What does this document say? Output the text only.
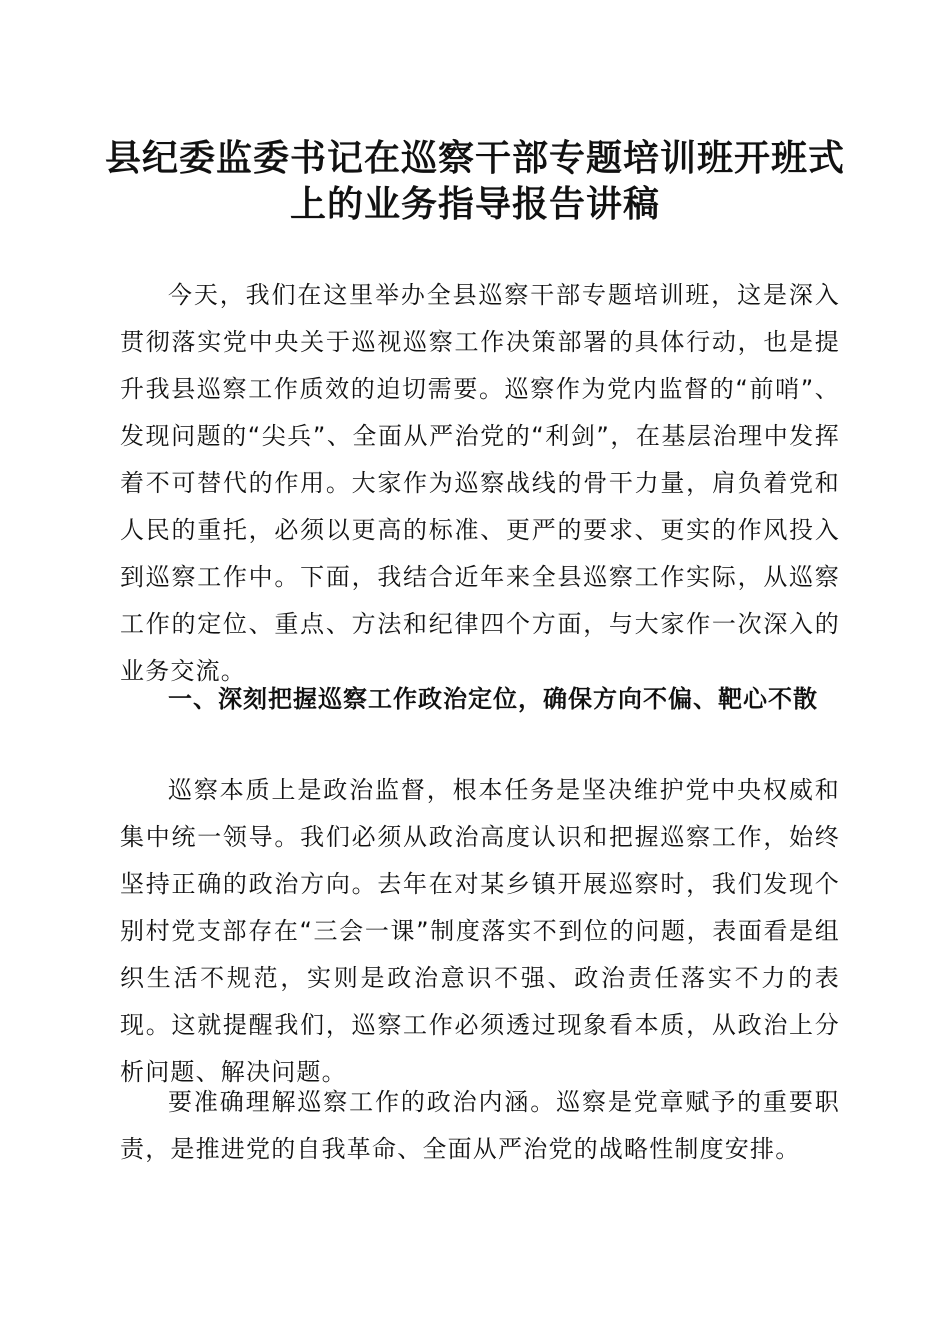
县纪委监委书记在巡察干部专题培训班开班式
上的业务指导报告讲稿

今天，我们在这里举办全县巡察干部专题培训班，这是深入贯彻落实党中央关于巡视巡察工作决策部署的具体行动，也是提升我县巡察工作质效的迫切需要。巡察作为党内监督的“前哨”、发现问题的“尖兵”、全面从严治党的“利剑”，在基层治理中发挥着不可替代的作用。大家作为巡察战线的骨干力量，肩负着党和人民的重托，必须以更高的标准、更严的要求、更实的作风投入到巡察工作中。下面，我结合近年来全县巡察工作实际，从巡察工作的定位、重点、方法和纪律四个方面，与大家作一次深入的业务交流。

一、深刻把握巡察工作政治定位，确保方向不偏、靶心不散

巡察本质上是政治监督，根本任务是坚决维护党中央权威和集中统一领导。我们必须从政治高度认识和把握巡察工作，始终坚持正确的政治方向。去年在对某乡镇开展巡察时，我们发现个别村党支部存在“三会一课”制度落实不到位的问题，表面看是组织生活不规范，实则是政治意识不强、政治责任落实不力的表现。这就提醒我们，巡察工作必须透过现象看本质，从政治上分析问题、解决问题。

要准确理解巡察工作的政治内涵。巡察是党章赋予的重要职责，是推进党的自我革命、全面从严治党的战略性制度安排。
